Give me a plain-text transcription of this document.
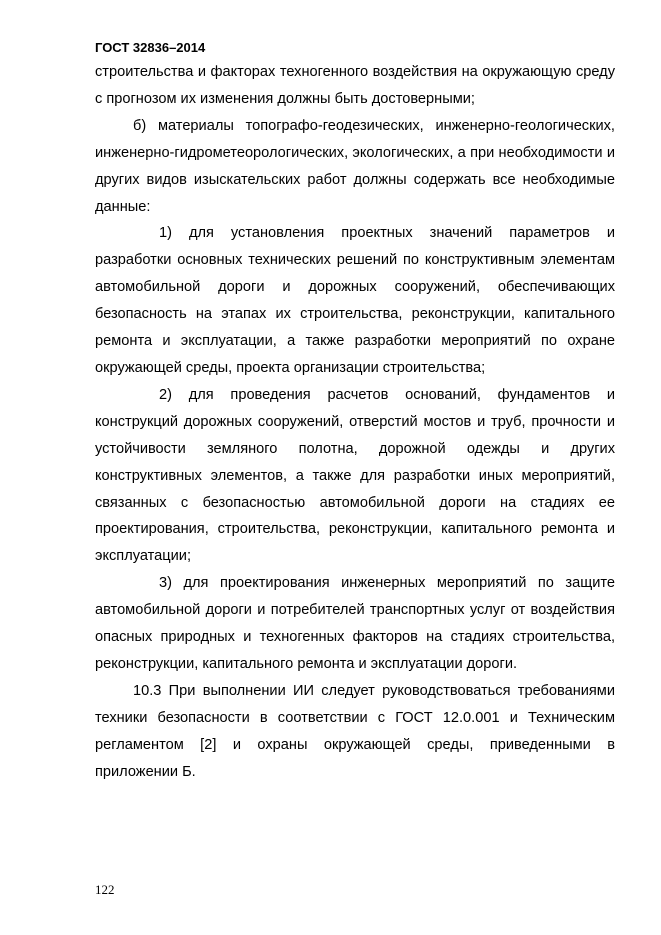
ГОСТ 32836–2014

строительства и факторах техногенного воздействия на окружающую среду с прогнозом их изменения должны быть достоверными;

б) материалы топографо-геодезических, инженерно-геологических, инженерно-гидрометеорологических, экологических, а при необходимости и других видов изыскательских работ должны содержать все необходимые данные:

1) для установления проектных значений параметров и разработки основных технических решений по конструктивным элементам автомобильной дороги и дорожных сооружений, обеспечивающих безопасность на этапах их строительства, реконструкции, капитального ремонта и эксплуатации, а также разработки мероприятий по охране окружающей среды, проекта организации строительства;

2) для проведения расчетов оснований, фундаментов и конструкций дорожных сооружений, отверстий мостов и труб, прочности и устойчивости земляного полотна, дорожной одежды и других конструктивных элементов, а также для разработки иных мероприятий, связанных с безопасностью автомобильной дороги на стадиях ее проектирования, строительства, реконструкции, капитального ремонта и эксплуатации;

3) для проектирования инженерных мероприятий по защите автомобильной дороги и потребителей транспортных услуг от воздействия опасных природных и техногенных факторов на стадиях строительства, реконструкции, капитального ремонта и эксплуатации дороги.

10.3 При выполнении ИИ следует руководствоваться требованиями техники безопасности в соответствии с ГОСТ 12.0.001 и Техническим регламентом [2] и охраны окружающей среды, приведенными в приложении Б.

122
